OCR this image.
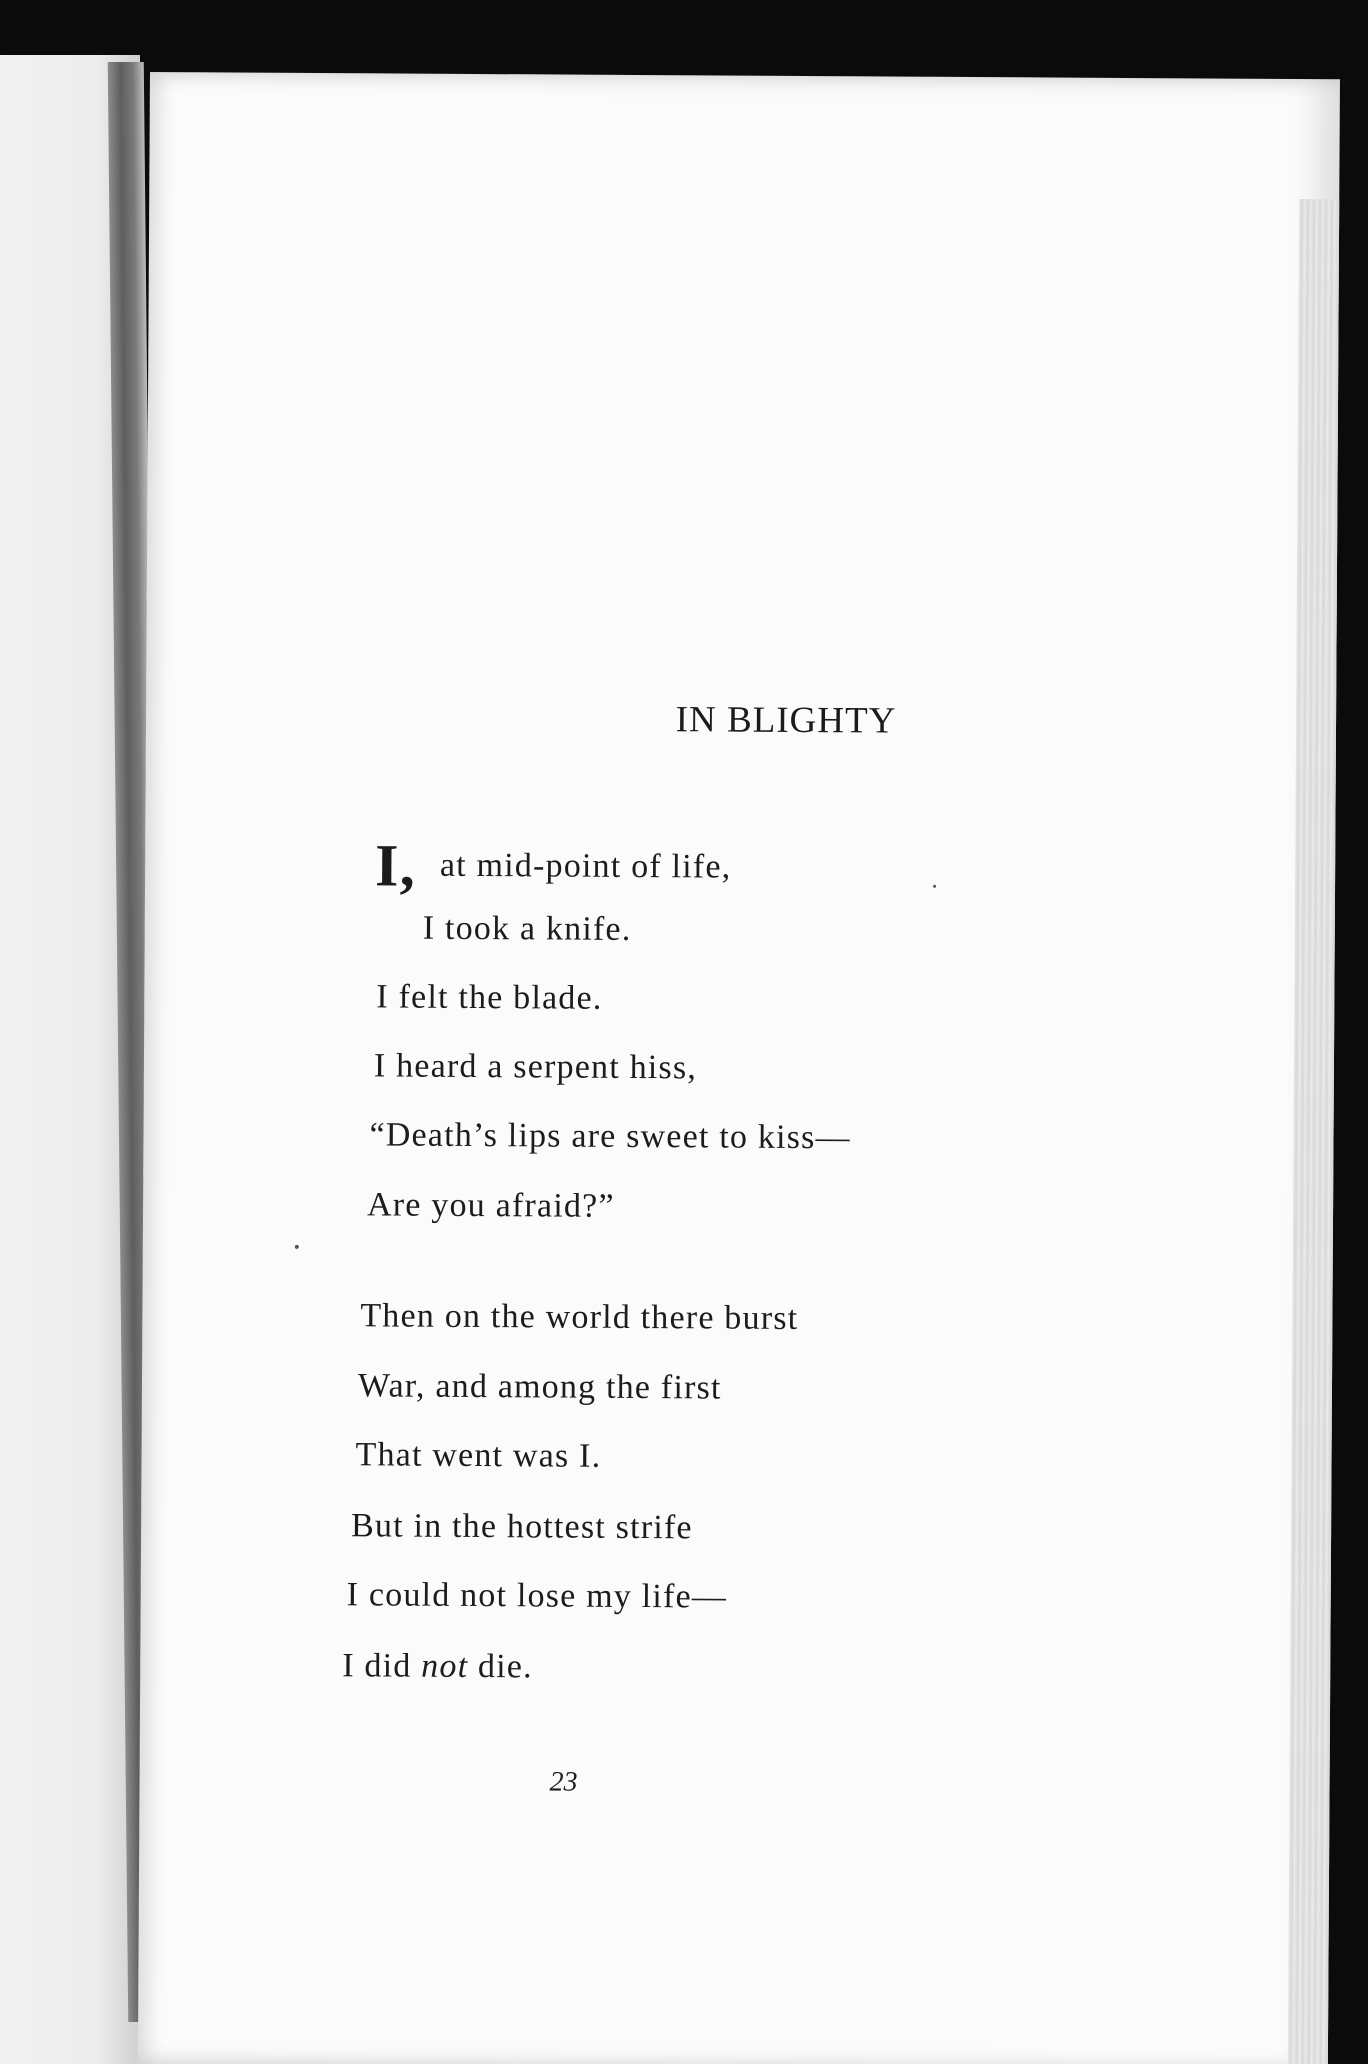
IN BLIGHTY
I, at mid-point of life,
I took a knife.
I felt the blade.
I heard a serpent hiss,
“Death’s lips are sweet to kiss—
Are you afraid?”
Then on the world there burst
War, and among the first
That went was I.
But in the hottest strife
I could not lose my life—
I did not die.
23
